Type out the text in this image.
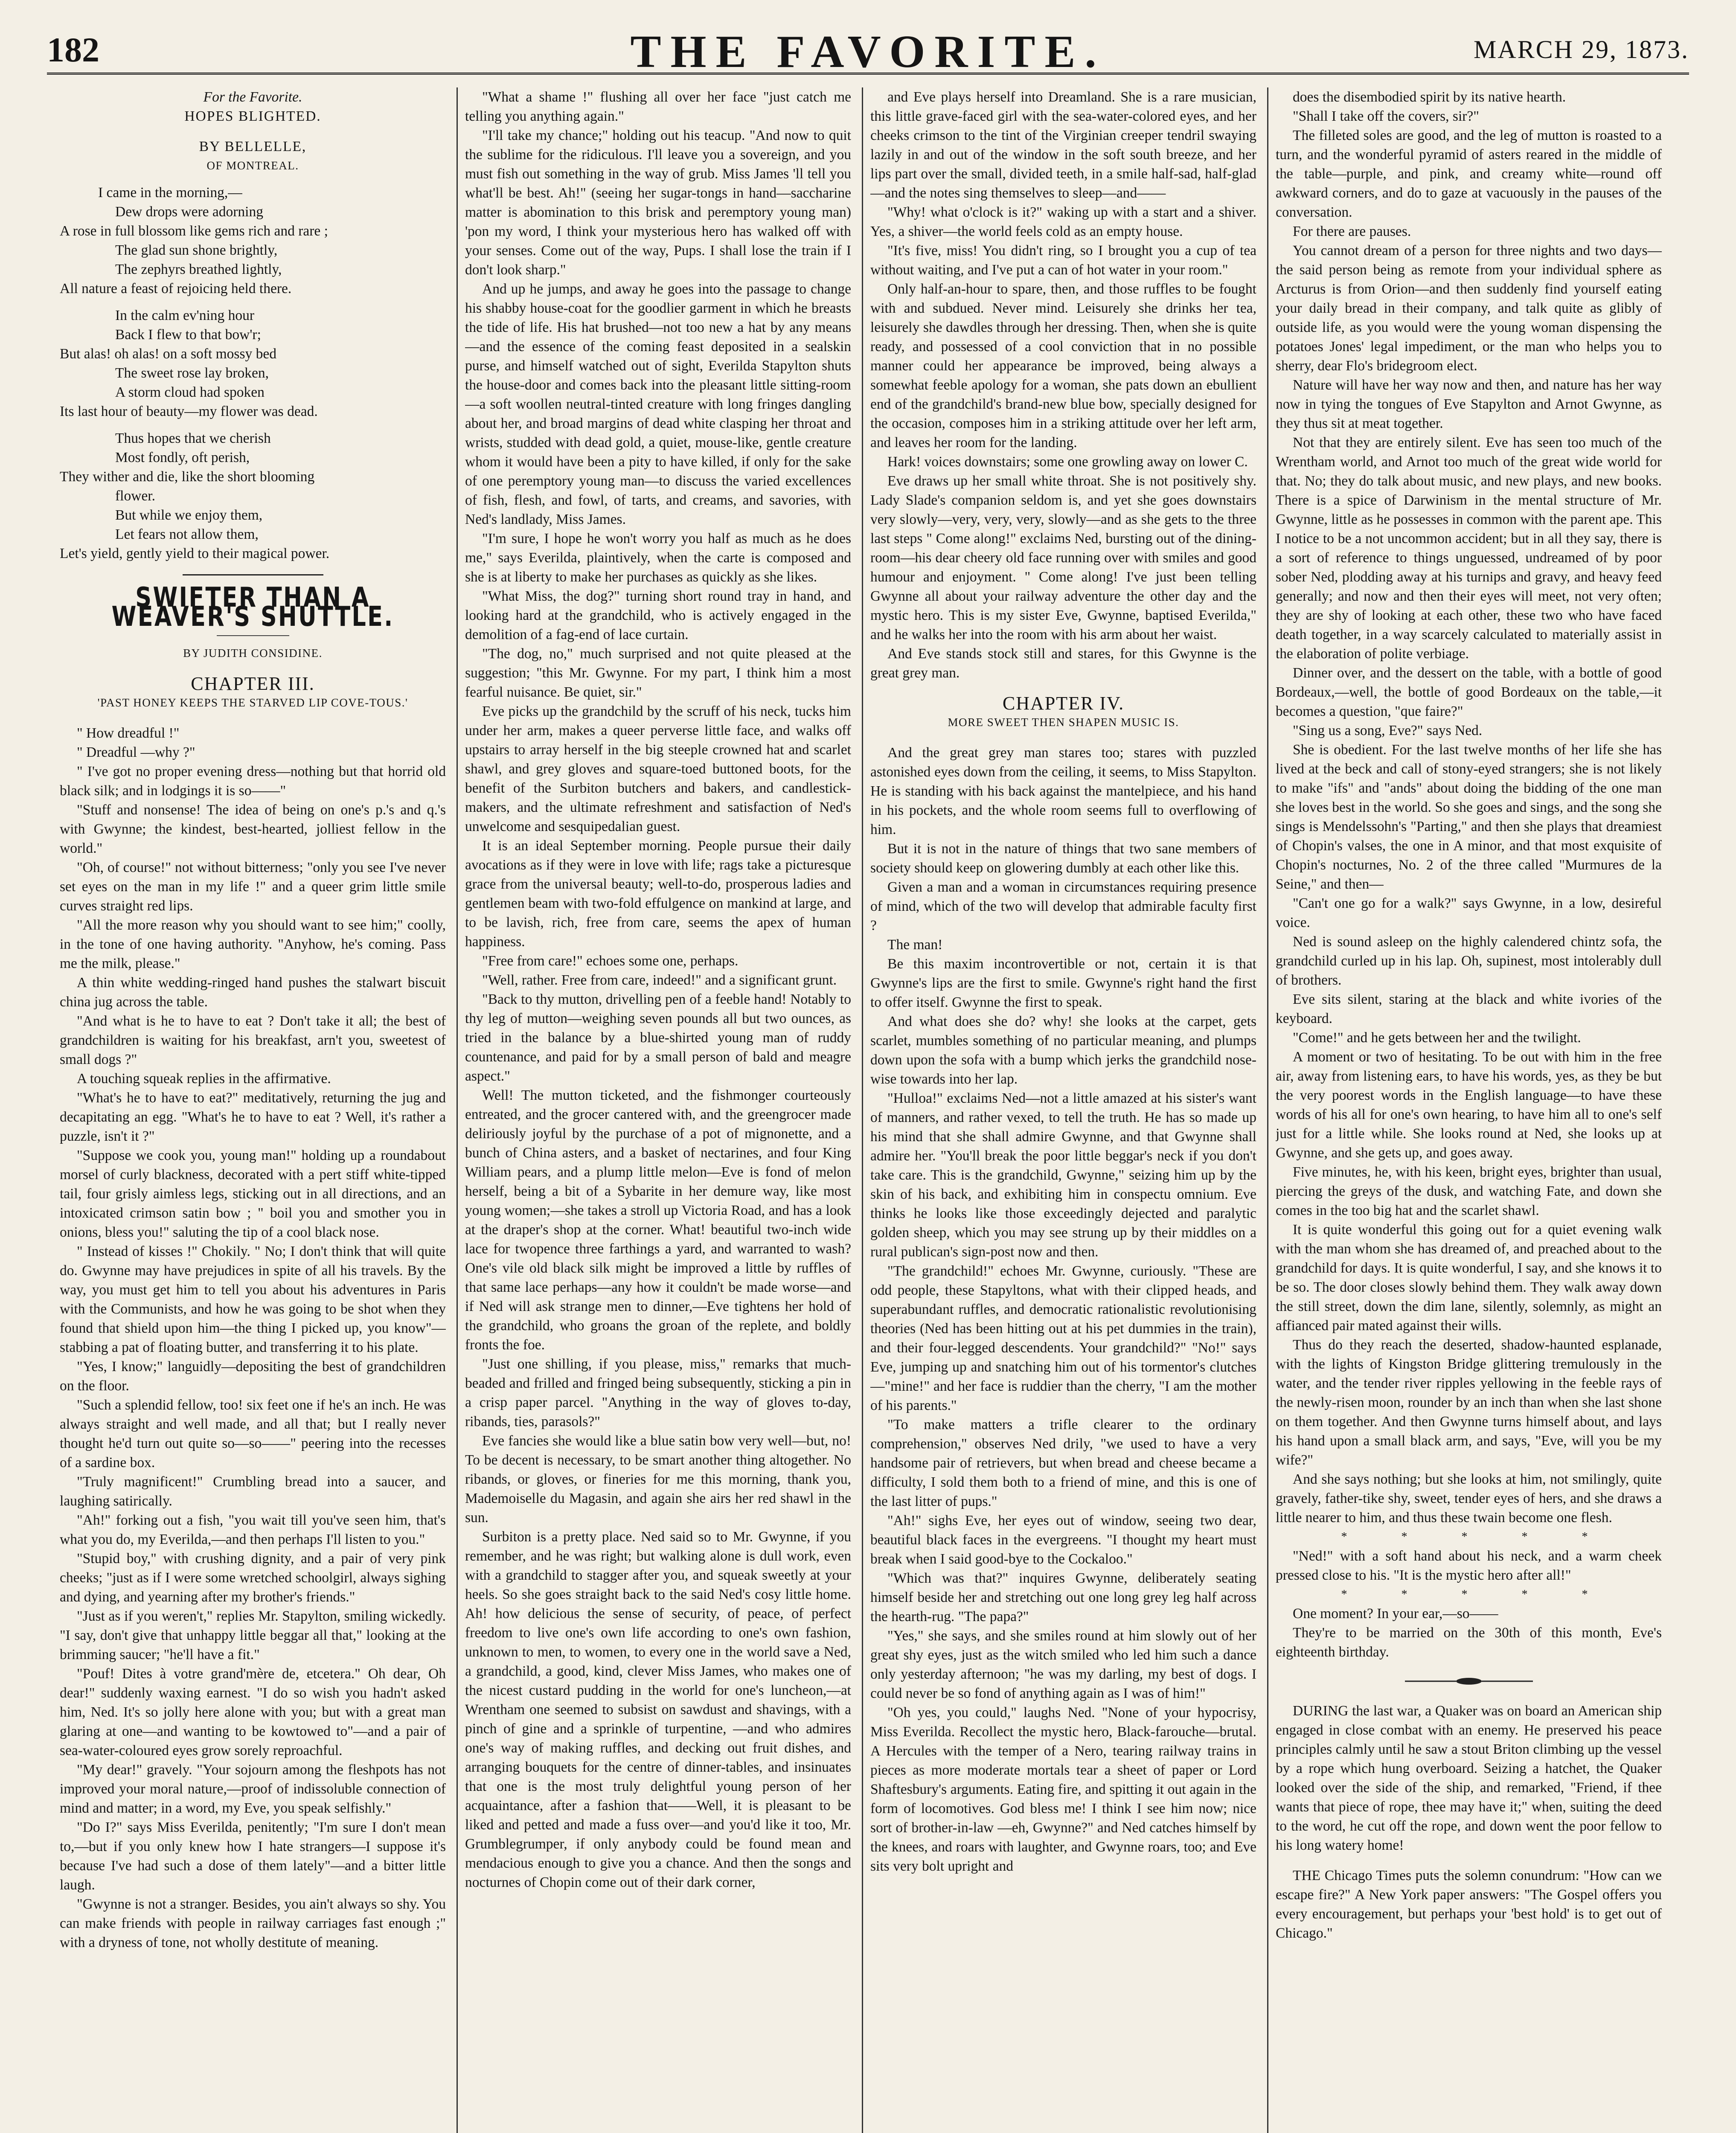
182	THE FAVORITE.	MARCH 29, 1873.

For the Favorite.

HOPES BLIGHTED.

BY BELLELLE,

OF MONTREAL.

I came in the morning,—
Dew drops were adorning
A rose in full blossom like gems rich and rare ;
The glad sun shone brightly,
The zephyrs breathed lightly,
All nature a feast of rejoicing held there.
In the calm ev'ning hour
Back I flew to that bow'r;
But alas! oh alas! on a soft mossy bed
The sweet rose lay broken,
A storm cloud had spoken
Its last hour of beauty—my flower was dead.
Thus hopes that we cherish
Most fondly, oft perish,
They wither and die, like the short blooming
flower.
But while we enjoy them,
Let fears not allow them,
Let's yield, gently yield to their magical power.
SWIFTER THAN A WEAVER'S SHUTTLE.

BY JUDITH CONSIDINE.

CHAPTER III.

'PAST HONEY KEEPS THE STARVED LIP COVE-TOUS.'

" How dreadful !"

" Dreadful —why ?"

" I've got no proper evening dress—nothing but that horrid old black silk; and in lodgings it is so——"

"Stuff and nonsense! The idea of being on one's p.'s and q.'s with Gwynne; the kindest, best-hearted, jolliest fellow in the world."

"Oh, of course!" not without bitterness; "only you see I've never set eyes on the man in my life !" and a queer grim little smile curves straight red lips.

"All the more reason why you should want to see him;" coolly, in the tone of one having authority. "Anyhow, he's coming. Pass me the milk, please."

A thin white wedding-ringed hand pushes the stalwart biscuit china jug across the table.

"And what is he to have to eat ? Don't take it all; the best of grandchildren is waiting for his breakfast, arn't you, sweetest of small dogs ?"

A touching squeak replies in the affirmative.

"What's he to have to eat?" meditatively, returning the jug and decapitating an egg. "What's he to have to eat ? Well, it's rather a puzzle, isn't it ?"

"Suppose we cook you, young man!" holding up a roundabout morsel of curly blackness, decorated with a pert stiff white-tipped tail, four grisly aimless legs, sticking out in all directions, and an intoxicated crimson satin bow ; " boil you and smother you in onions, bless you!" saluting the tip of a cool black nose.

" Instead of kisses !" Chokily. " No; I don't think that will quite do. Gwynne may have prejudices in spite of all his travels. By the way, you must get him to tell you about his adventures in Paris with the Communists, and how he was going to be shot when they found that shield upon him—the thing I picked up, you know"—stabbing a pat of floating butter, and transferring it to his plate.

"Yes, I know;" languidly—depositing the best of grandchildren on the floor.

"Such a splendid fellow, too! six feet one if he's an inch. He was always straight and well made, and all that; but I really never thought he'd turn out quite so—so——" peering into the recesses of a sardine box.

"Truly magnificent!" Crumbling bread into a saucer, and laughing satirically.

"Ah!" forking out a fish, "you wait till you've seen him, that's what you do, my Everilda,—and then perhaps I'll listen to you."

"Stupid boy," with crushing dignity, and a pair of very pink cheeks; "just as if I were some wretched schoolgirl, always sighing and dying, and yearning after my brother's friends."

"Just as if you weren't," replies Mr. Stapylton, smiling wickedly. "I say, don't give that unhappy little beggar all that," looking at the brimming saucer; "he'll have a fit."

"Pouf! Dites à votre grand'mère de, etcetera." Oh dear, Oh dear!" suddenly waxing earnest. "I do so wish you hadn't asked him, Ned. It's so jolly here alone with you; but with a great man glaring at one—and wanting to be kowtowed to"—and a pair of sea-water-coloured eyes grow sorely reproachful.

"My dear!" gravely. "Your sojourn among the fleshpots has not improved your moral nature,—proof of indissoluble connection of mind and matter; in a word, my Eve, you speak selfishly."

"Do I?" says Miss Everilda, penitently; "I'm sure I don't mean to,—but if you only knew how I hate strangers—I suppose it's because I've had such a dose of them lately"—and a bitter little laugh.

"Gwynne is not a stranger. Besides, you ain't always so shy. You can make friends with people in railway carriages fast enough ;" with a dryness of tone, not wholly destitute of meaning.

"What a shame !" flushing all over her face "just catch me telling you anything again."

"I'll take my chance;" holding out his teacup. "And now to quit the sublime for the ridiculous. I'll leave you a sovereign, and you must fish out something in the way of grub. Miss James 'll tell you what'll be best. Ah!" (seeing her sugar-tongs in hand—saccharine matter is abomination to this brisk and peremptory young man) 'pon my word, I think your mysterious hero has walked off with your senses. Come out of the way, Pups. I shall lose the train if I don't look sharp."

And up he jumps, and away he goes into the passage to change his shabby house-coat for the goodlier garment in which he breasts the tide of life. His hat brushed—not too new a hat by any means—and the essence of the coming feast deposited in a sealskin purse, and himself watched out of sight, Everilda Stapylton shuts the house-door and comes back into the pleasant little sitting-room—a soft woollen neutral-tinted creature with long fringes dangling about her, and broad margins of dead white clasping her throat and wrists, studded with dead gold, a quiet, mouse-like, gentle creature whom it would have been a pity to have killed, if only for the sake of one peremptory young man—to discuss the varied excellences of fish, flesh, and fowl, of tarts, and creams, and savories, with Ned's landlady, Miss James.

"I'm sure, I hope he won't worry you half as much as he does me," says Everilda, plaintively, when the carte is composed and she is at liberty to make her purchases as quickly as she likes.

"What Miss, the dog?" turning short round tray in hand, and looking hard at the grandchild, who is actively engaged in the demolition of a fag-end of lace curtain.

"The dog, no," much surprised and not quite pleased at the suggestion; "this Mr. Gwynne. For my part, I think him a most fearful nuisance. Be quiet, sir."

Eve picks up the grandchild by the scruff of his neck, tucks him under her arm, makes a queer perverse little face, and walks off upstairs to array herself in the big steeple crowned hat and scarlet shawl, and grey gloves and square-toed buttoned boots, for the benefit of the Surbiton butchers and bakers, and candlestick-makers, and the ultimate refreshment and satisfaction of Ned's unwelcome and sesquipedalian guest.

It is an ideal September morning. People pursue their daily avocations as if they were in love with life; rags take a picturesque grace from the universal beauty; well-to-do, prosperous ladies and gentlemen beam with two-fold effulgence on mankind at large, and to be lavish, rich, free from care, seems the apex of human happiness.

"Free from care!" echoes some one, perhaps.

"Well, rather. Free from care, indeed!" and a significant grunt.

"Back to thy mutton, drivelling pen of a feeble hand! Notably to thy leg of mutton—weighing seven pounds all but two ounces, as tried in the balance by a blue-shirted young man of ruddy countenance, and paid for by a small person of bald and meagre aspect."

Well! The mutton ticketed, and the fishmonger courteously entreated, and the grocer cantered with, and the greengrocer made deliriously joyful by the purchase of a pot of mignonette, and a bunch of China asters, and a basket of nectarines, and four King William pears, and a plump little melon—Eve is fond of melon herself, being a bit of a Sybarite in her demure way, like most young women;—she takes a stroll up Victoria Road, and has a look at the draper's shop at the corner. What! beautiful two-inch wide lace for twopence three farthings a yard, and warranted to wash? One's vile old black silk might be improved a little by ruffles of that same lace perhaps—any how it couldn't be made worse—and if Ned will ask strange men to dinner,—Eve tightens her hold of the grandchild, who groans the groan of the replete, and boldly fronts the foe.

"Just one shilling, if you please, miss," remarks that much-beaded and frilled and fringed being subsequently, sticking a pin in a crisp paper parcel. "Anything in the way of gloves to-day, ribands, ties, parasols?"

Eve fancies she would like a blue satin bow very well—but, no! To be decent is necessary, to be smart another thing altogether. No ribands, or gloves, or fineries for me this morning, thank you, Mademoiselle du Magasin, and again she airs her red shawl in the sun.

Surbiton is a pretty place. Ned said so to Mr. Gwynne, if you remember, and he was right; but walking alone is dull work, even with a grandchild to stagger after you, and squeak sweetly at your heels. So she goes straight back to the said Ned's cosy little home. Ah! how delicious the sense of security, of peace, of perfect freedom to live one's own life according to one's own fashion, unknown to men, to women, to every one in the world save a Ned, a grandchild, a good, kind, clever Miss James, who makes one of the nicest custard pudding in the world for one's luncheon,—at Wrentham one seemed to subsist on sawdust and shavings, with a pinch of gine and a sprinkle of turpentine, —and who admires one's way of making ruffles, and decking out fruit dishes, and arranging bouquets for the centre of dinner-tables, and insinuates that one is the most truly delightful young person of her acquaintance, after a fashion that——Well, it is pleasant to be liked and petted and made a fuss over—and you'd like it too, Mr. Grumblegrumper, if only anybody could be found mean and mendacious enough to give you a chance. And then the songs and nocturnes of Chopin come out of their dark corner,

and Eve plays herself into Dreamland. She is a rare musician, this little grave-faced girl with the sea-water-colored eyes, and her cheeks crimson to the tint of the Virginian creeper tendril swaying lazily in and out of the window in the soft south breeze, and her lips part over the small, divided teeth, in a smile half-sad, half-glad—and the notes sing themselves to sleep—and——

"Why! what o'clock is it?" waking up with a start and a shiver. Yes, a shiver—the world feels cold as an empty house.

"It's five, miss! You didn't ring, so I brought you a cup of tea without waiting, and I've put a can of hot water in your room."

Only half-an-hour to spare, then, and those ruffles to be fought with and subdued. Never mind. Leisurely she drinks her tea, leisurely she dawdles through her dressing. Then, when she is quite ready, and possessed of a cool conviction that in no possible manner could her appearance be improved, being always a somewhat feeble apology for a woman, she pats down an ebullient end of the grandchild's brand-new blue bow, specially designed for the occasion, composes him in a striking attitude over her left arm, and leaves her room for the landing.

Hark! voices downstairs; some one growling away on lower C.

Eve draws up her small white throat. She is not positively shy. Lady Slade's companion seldom is, and yet she goes downstairs very slowly—very, very, very, slowly—and as she gets to the three last steps " Come along!" exclaims Ned, bursting out of the dining-room—his dear cheery old face running over with smiles and good humour and enjoyment. " Come along! I've just been telling Gwynne all about your railway adventure the other day and the mystic hero. This is my sister Eve, Gwynne, baptised Everilda," and he walks her into the room with his arm about her waist.

And Eve stands stock still and stares, for this Gwynne is the great grey man.

CHAPTER IV.

MORE SWEET THEN SHAPEN MUSIC IS.

And the great grey man stares too; stares with puzzled astonished eyes down from the ceiling, it seems, to Miss Stapylton. He is standing with his back against the mantelpiece, and his hand in his pockets, and the whole room seems full to overflowing of him.

But it is not in the nature of things that two sane members of society should keep on glowering dumbly at each other like this.

Given a man and a woman in circumstances requiring presence of mind, which of the two will develop that admirable faculty first ?

The man!

Be this maxim incontrovertible or not, certain it is that Gwynne's lips are the first to smile. Gwynne's right hand the first to offer itself. Gwynne the first to speak.

And what does she do? why! she looks at the carpet, gets scarlet, mumbles something of no particular meaning, and plumps down upon the sofa with a bump which jerks the grandchild nose-wise towards into her lap.

"Hulloa!" exclaims Ned—not a little amazed at his sister's want of manners, and rather vexed, to tell the truth. He has so made up his mind that she shall admire Gwynne, and that Gwynne shall admire her. "You'll break the poor little beggar's neck if you don't take care. This is the grandchild, Gwynne," seizing him up by the skin of his back, and exhibiting him in conspectu omnium. Eve thinks he looks like those exceedingly dejected and paralytic golden sheep, which you may see strung up by their middles on a rural publican's sign-post now and then.

"The grandchild!" echoes Mr. Gwynne, curiously. "These are odd people, these Stapyltons, what with their clipped heads, and superabundant ruffles, and democratic rationalistic revolutionising theories (Ned has been hitting out at his pet dummies in the train), and their four-legged descendents. Your grandchild?" "No!" says Eve, jumping up and snatching him out of his tormentor's clutches—"mine!" and her face is ruddier than the cherry, "I am the mother of his parents."

"To make matters a trifle clearer to the ordinary comprehension," observes Ned drily, "we used to have a very handsome pair of retrievers, but when bread and cheese became a difficulty, I sold them both to a friend of mine, and this is one of the last litter of pups."

"Ah!" sighs Eve, her eyes out of window, seeing two dear, beautiful black faces in the evergreens. "I thought my heart must break when I said good-bye to the Cockaloo."

"Which was that?" inquires Gwynne, deliberately seating himself beside her and stretching out one long grey leg half across the hearth-rug. "The papa?"

"Yes," she says, and she smiles round at him slowly out of her great shy eyes, just as the witch smiled who led him such a dance only yesterday afternoon; "he was my darling, my best of dogs. I could never be so fond of anything again as I was of him!"

"Oh yes, you could," laughs Ned. "None of your hypocrisy, Miss Everilda. Recollect the mystic hero, Black-farouche—brutal. A Hercules with the temper of a Nero, tearing railway trains in pieces as more moderate mortals tear a sheet of paper or Lord Shaftesbury's arguments. Eating fire, and spitting it out again in the form of locomotives. God bless me! I think I see him now; nice sort of brother-in-law —eh, Gwynne?" and Ned catches himself by the knees, and roars with laughter, and Gwynne roars, too; and Eve sits very bolt upright and

does the disembodied spirit by its native hearth.

"Shall I take off the covers, sir?"

The filleted soles are good, and the leg of mutton is roasted to a turn, and the wonderful pyramid of asters reared in the middle of the table—purple, and pink, and creamy white—round off awkward corners, and do to gaze at vacuously in the pauses of the conversation.

For there are pauses.

You cannot dream of a person for three nights and two days—the said person being as remote from your individual sphere as Arcturus is from Orion—and then suddenly find yourself eating your daily bread in their company, and talk quite as glibly of outside life, as you would were the young woman dispensing the potatoes Jones' legal impediment, or the man who helps you to sherry, dear Flo's bridegroom elect.

Nature will have her way now and then, and nature has her way now in tying the tongues of Eve Stapylton and Arnot Gwynne, as they thus sit at meat together.

Not that they are entirely silent. Eve has seen too much of the Wrentham world, and Arnot too much of the great wide world for that. No; they do talk about music, and new plays, and new books. There is a spice of Darwinism in the mental structure of Mr. Gwynne, little as he possesses in common with the parent ape. This I notice to be a not uncommon accident; but in all they say, there is a sort of reference to things unguessed, undreamed of by poor sober Ned, plodding away at his turnips and gravy, and heavy feed generally; and now and then their eyes will meet, not very often; they are shy of looking at each other, these two who have faced death together, in a way scarcely calculated to materially assist in the elaboration of polite verbiage.

Dinner over, and the dessert on the table, with a bottle of good Bordeaux,—well, the bottle of good Bordeaux on the table,—it becomes a question, "que faire?"

"Sing us a song, Eve?" says Ned.

She is obedient. For the last twelve months of her life she has lived at the beck and call of stony-eyed strangers; she is not likely to make "ifs" and "ands" about doing the bidding of the one man she loves best in the world. So she goes and sings, and the song she sings is Mendelssohn's "Parting," and then she plays that dreamiest of Chopin's valses, the one in A minor, and that most exquisite of Chopin's nocturnes, No. 2 of the three called "Murmures de la Seine," and then—

"Can't one go for a walk?" says Gwynne, in a low, desireful voice.

Ned is sound asleep on the highly calendered chintz sofa, the grandchild curled up in his lap. Oh, supinest, most intolerably dull of brothers.

Eve sits silent, staring at the black and white ivories of the keyboard.

"Come!" and he gets between her and the twilight.

A moment or two of hesitating. To be out with him in the free air, away from listening ears, to have his words, yes, as they be but the very poorest words in the English language—to have these words of his all for one's own hearing, to have him all to one's self just for a little while. She looks round at Ned, she looks up at Gwynne, and she gets up, and goes away.

Five minutes, he, with his keen, bright eyes, brighter than usual, piercing the greys of the dusk, and watching Fate, and down she comes in the too big hat and the scarlet shawl.

It is quite wonderful this going out for a quiet evening walk with the man whom she has dreamed of, and preached about to the grandchild for days. It is quite wonderful, I say, and she knows it to be so. The door closes slowly behind them. They walk away down the still street, down the dim lane, silently, solemnly, as might an affianced pair mated against their wills.

Thus do they reach the deserted, shadow-haunted esplanade, with the lights of Kingston Bridge glittering tremulously in the water, and the tender river ripples yellowing in the feeble rays of the newly-risen moon, rounder by an inch than when she last shone on them together. And then Gwynne turns himself about, and lays his hand upon a small black arm, and says, "Eve, will you be my wife?"

And she says nothing; but she looks at him, not smilingly, quite gravely, father-tike shy, sweet, tender eyes of hers, and she draws a little nearer to him, and thus these twain become one flesh.

* * * * *

"Ned!" with a soft hand about his neck, and a warm cheek pressed close to his. "It is the mystic hero after all!"

* * * * *

One moment? In your ear,—so——

They're to be married on the 30th of this month, Eve's eighteenth birthday.

DURING the last war, a Quaker was on board an American ship engaged in close combat with an enemy. He preserved his peace principles calmly until he saw a stout Briton climbing up the vessel by a rope which hung overboard. Seizing a hatchet, the Quaker looked over the side of the ship, and remarked, "Friend, if thee wants that piece of rope, thee may have it;" when, suiting the deed to the word, he cut off the rope, and down went the poor fellow to his long watery home!

THE Chicago Times puts the solemn conundrum: "How can we escape fire?" A New York paper answers: "The Gospel offers you every encouragement, but perhaps your 'best hold' is to get out of Chicago."
